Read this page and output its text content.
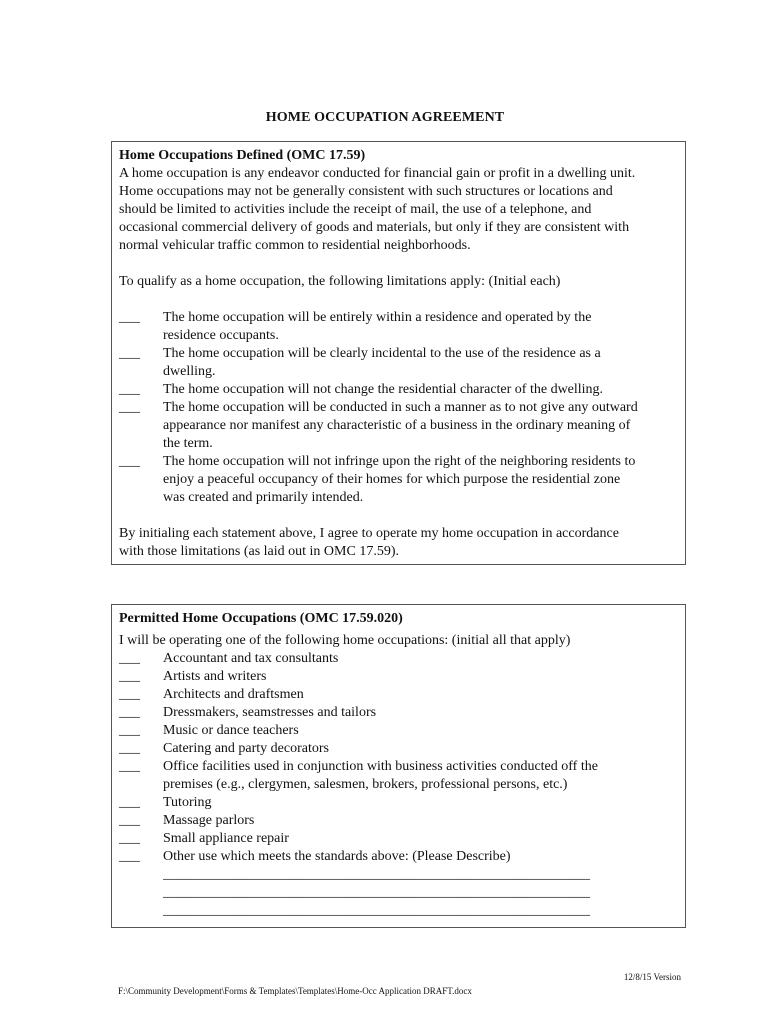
HOME OCCUPATION AGREEMENT
Home Occupations Defined (OMC 17.59)
A home occupation is any endeavor conducted for financial gain or profit in a dwelling unit.
Home occupations may not be generally consistent with such structures or locations and
should be limited to activities include the receipt of mail, the use of a telephone, and
occasional commercial delivery of goods and materials, but only if they are consistent with
normal vehicular traffic common to residential neighborhoods.
To qualify as a home occupation, the following limitations apply: (Initial each)
___	The home occupation will be entirely within a residence and operated by the
residence occupants.
___	The home occupation will be clearly incidental to the use of the residence as a
dwelling.
___	The home occupation will not change the residential character of the dwelling.
___	The home occupation will be conducted in such a manner as to not give any outward
appearance nor manifest any characteristic of a business in the ordinary meaning of
the term.
___	The home occupation will not infringe upon the right of the neighboring residents to
enjoy a peaceful occupancy of their homes for which purpose the residential zone
was created and primarily intended.
By initialing each statement above, I agree to operate my home occupation in accordance
with those limitations (as laid out in OMC 17.59).
Permitted Home Occupations (OMC 17.59.020)
I will be operating one of the following home occupations: (initial all that apply)
___	Accountant and tax consultants
___	Artists and writers
___	Architects and draftsmen
___	Dressmakers, seamstresses and tailors
___	Music or dance teachers
___	Catering and party decorators
___	Office facilities used in conjunction with business activities conducted off the
premises (e.g., clergymen, salesmen, brokers, professional persons, etc.)
___	Tutoring
___	Massage parlors
___	Small appliance repair
___	Other use which meets the standards above: (Please Describe)
_____________________________________________________________
_____________________________________________________________
_____________________________________________________________
12/8/15 Version
F:\Community Development\Forms & Templates\Templates\Home-Occ Application DRAFT.docx
